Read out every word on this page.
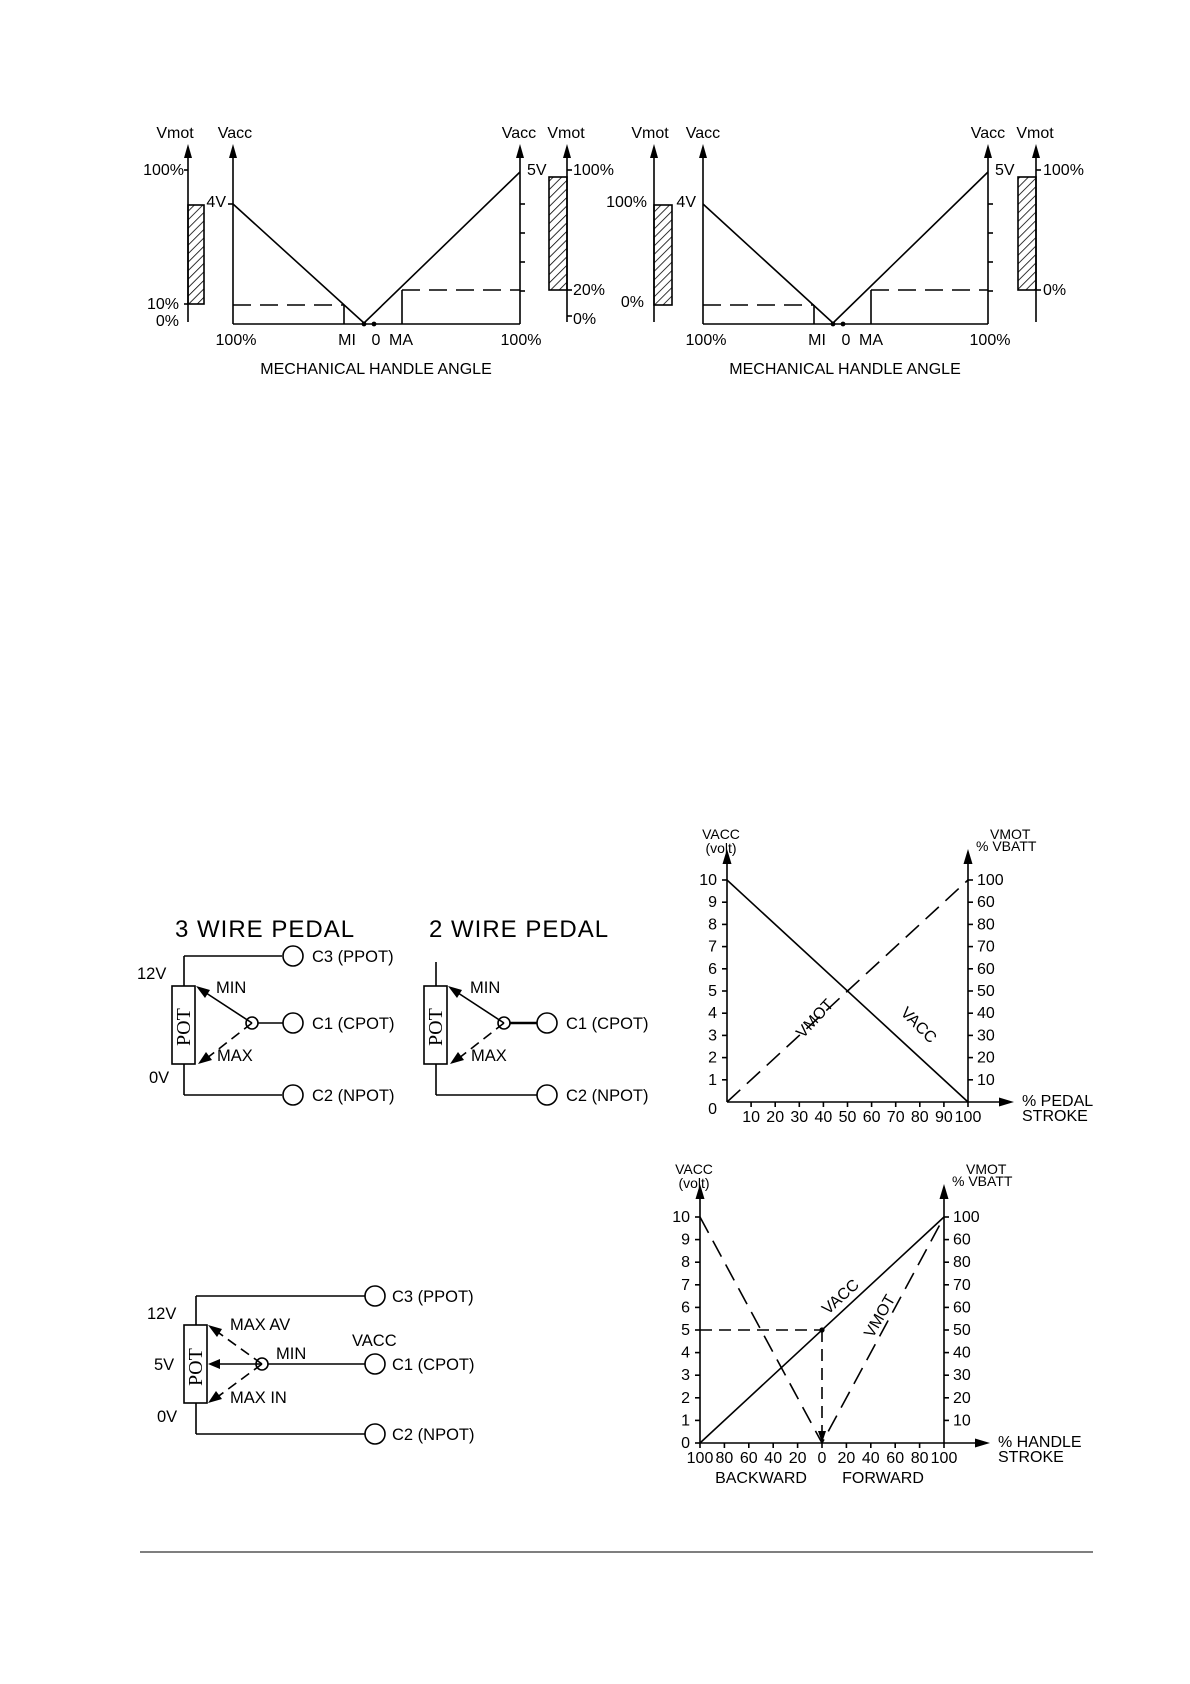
Vmot
100%
10%
0%
Vacc
4V
Vacc
5V
Vmot
100%
20%
0%
100%	MI 0 MA	100%
MECHANICAL HANDLE ANGLE
Vmot
100%
0%
Vacc
4V
Vacc
5V
Vmot
100%
0%
100%	MI 0 MA	100%
MECHANICAL HANDLE ANGLE
3 WIRE PEDAL
POT
12V
0V
MIN
MAX
C3 (PPOT)
C1 (CPOT)
C2 (NPOT)
2 WIRE PEDAL
POT
MIN
MAX
C1 (CPOT)
C2 (NPOT)
POT
12V
5V
0V
MAX AV
MIN
MAX IN
VACC
C3 (PPOT)
C1 (CPOT)
C2 (NPOT)
VACC
(volt)
VMOT
% VBATT
1
2
3
4
5
6
7
8
9
10
10
20
30
40
50
60
70
80
60
100
10 20 30 40 50 60 70 80 90 100
0	% PEDAL
STROKE
VMOT	VACC
VACC
(volt)
VMOT
% VBATT
0
1
2
3
4
5
6
7
8
9
10
10
20
30
40
50
60
70
80
60
100
100 80 60 40 20 0 20 40 60 80 100
BACKWARD FORWARD
% HANDLE
STROKE
VACC
VMOT
